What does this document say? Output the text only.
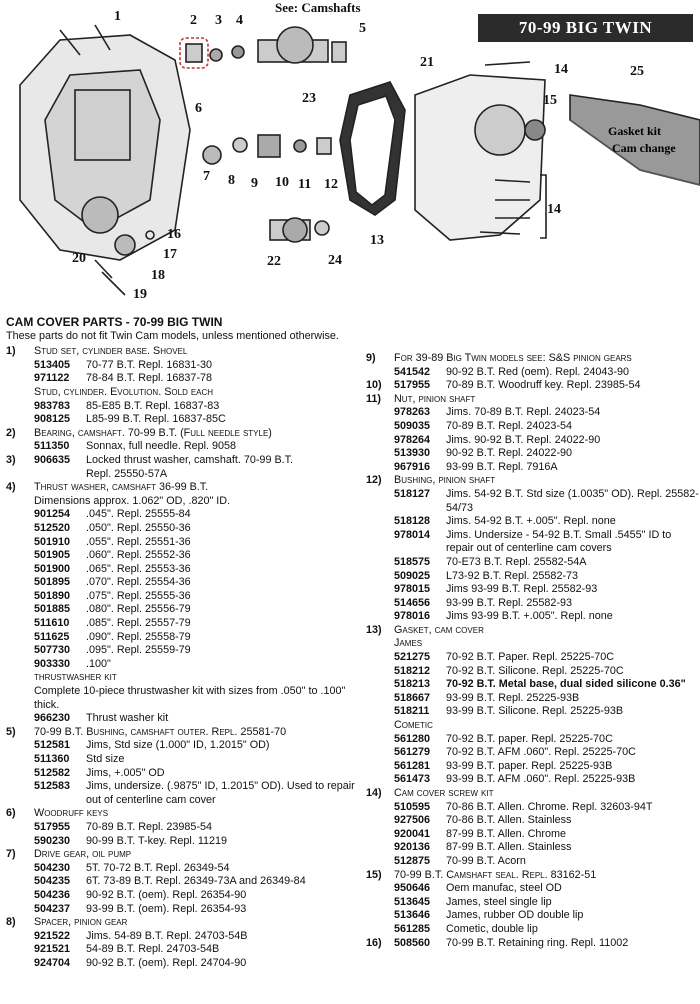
See: Camshafts
70-99 BIG TWIN
Gasket kit
Cam change
1	2 3 4
5
6
7 8 9 10 11 12
13
14
14
15
16
17
18
19
20
21
22
23
24
25
CAM COVER PARTS - 70-99 BIG TWIN
These parts do not fit Twin Cam models, unless mentioned otherwise.
1)	Stud set, cylinder base. Shovel
513405	70-77 B.T. Repl. 16831-30
971122	78-84 B.T. Repl. 16837-78
Stud, cylinder. Evolution. Sold each
983783	85-E85 B.T. Repl. 16837-83
908125	L85-99 B.T. Repl. 16837-85C
2)	Bearing, camshaft. 70-99 B.T. (Full needle style)
511350	Sonnax, full needle. Repl. 9058
3)	906635	Locked thrust washer, camshaft. 70-99 B.T.
Repl. 25550-57A
4)	Thrust washer, camshaft 36-99 B.T.
Dimensions approx. 1.062" OD, .820" ID.
901254	.045". Repl. 25555-84
512520	.050". Repl. 25550-36
501910	.055". Repl. 25551-36
501905	.060". Repl. 25552-36
501900	.065". Repl. 25553-36
501895	.070". Repl. 25554-36
501890	.075". Repl. 25555-36
501885	.080". Repl. 25556-79
511610	.085". Repl. 25557-79
511625	.090". Repl. 25558-79
507730	.095". Repl. 25559-79
903330	.100"
thrustwasher kit
Complete 10-piece thrustwasher kit with sizes from .050" to .100" thick.
966230	Thrust washer kit
5)	70-99 B.T. Bushing, camshaft outer. Repl. 25581-70
512581	Jims, Std size (1.000" ID, 1.2015" OD)
511360	Std size
512582	Jims, +.005" OD
512583	Jims, undersize. (.9875" ID, 1.2015" OD). Used to repair out of centerline cam cover
6)	Woodruff keys
517955	70-89 B.T. Repl. 23985-54
590230	90-99 B.T. T-key. Repl. 11219
7)	Drive gear, oil pump
504230	5T. 70-72 B.T. Repl. 26349-54
504235	6T. 73-89 B.T. Repl. 26349-73A and 26349-84
504236	90-92 B.T. (oem). Repl. 26354-90
504237	93-99 B.T. (oem). Repl. 26354-93
8)	Spacer, pinion gear
921522	Jims. 54-89 B.T. Repl. 24703-54B
921521	54-89 B.T. Repl. 24703-54B
924704	90-92 B.T. (oem). Repl. 24704-90
9)	For 39-89 Big Twin models see: S&S pinion gears
541542	90-92 B.T. Red (oem). Repl. 24043-90
10)	517955	70-89 B.T. Woodruff key. Repl. 23985-54
11)	Nut, pinion shaft
978263	Jims. 70-89 B.T. Repl. 24023-54
509035	70-89 B.T. Repl. 24023-54
978264	Jims. 90-92 B.T. Repl. 24022-90
513930	90-92 B.T. Repl. 24022-90
967916	93-99 B.T. Repl. 7916A
12)	Bushing, pinion shaft
518127	Jims. 54-92 B.T. Std size (1.0035" OD). Repl. 25582-54/73
518128	Jims. 54-92 B.T. +.005". Repl. none
978014	Jims. Undersize - 54-92 B.T. Small .5455" ID to repair out of centerline cam covers
518575	70-E73 B.T. Repl. 25582-54A
509025	L73-92 B.T. Repl. 25582-73
978015	Jims 93-99 B.T. Repl. 25582-93
514656	93-99 B.T. Repl. 25582-93
978016	Jims 93-99 B.T. +.005". Repl. none
13)	Gasket, cam cover
James
521275	70-92 B.T. Paper. Repl. 25225-70C
518212	70-92 B.T. Silicone. Repl. 25225-70C
518213	70-92 B.T. Metal base, dual sided silicone 0.36"
518667	93-99 B.T. Repl. 25225-93B
518211	93-99 B.T. Silicone. Repl. 25225-93B
Cometic
561280	70-92 B.T. paper. Repl. 25225-70C
561279	70-92 B.T. AFM .060". Repl. 25225-70C
561281	93-99 B.T. paper. Repl. 25225-93B
561473	93-99 B.T. AFM .060". Repl. 25225-93B
14)	Cam cover screw kit
510595	70-86 B.T. Allen. Chrome. Repl. 32603-94T
927506	70-86 B.T. Allen. Stainless
920041	87-99 B.T. Allen. Chrome
920136	87-99 B.T. Allen. Stainless
512875	70-99 B.T. Acorn
15)	70-99 B.T. Camshaft seal. Repl. 83162-51
950646	Oem manufac, steel OD
513645	James, steel single lip
513646	James, rubber OD double lip
561285	Cometic, double lip
16)	508560	70-99 B.T. Retaining ring. Repl. 11002
